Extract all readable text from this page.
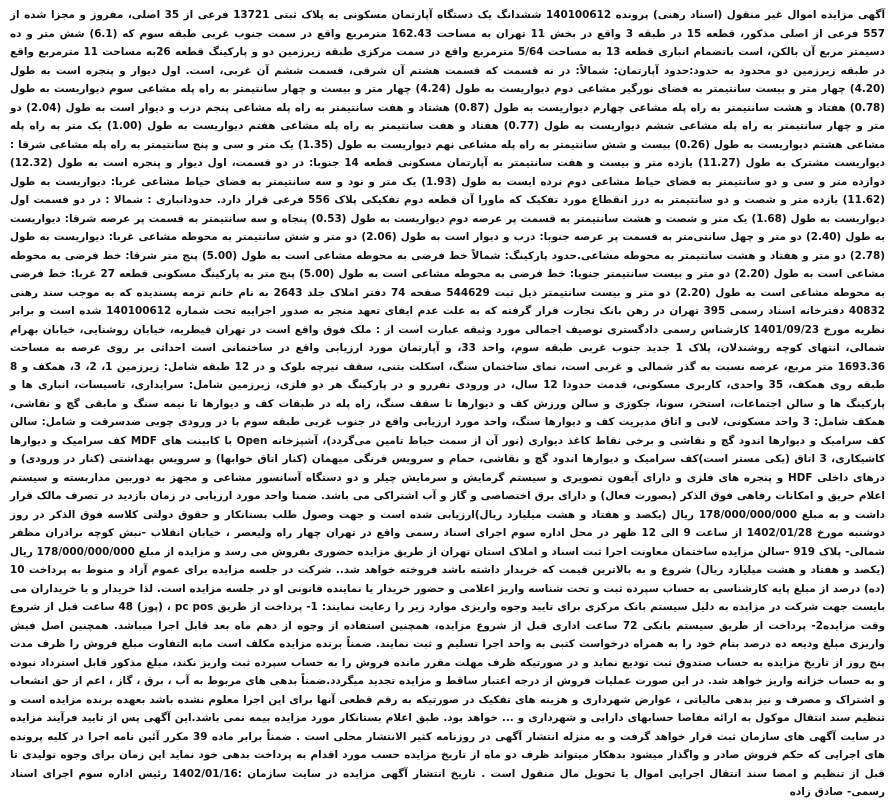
آگهی مزایده اموال غیر منقول (اسناد رهنی) پرونده 140100612 ششدانگ یک دستگاه آپارتمان مسکونی به پلاک ثبتی 13721 فرعی از 35 اصلی، مفروز و مجزا شده از 557 فرعی از اصلی مذکور، قطعه 15 در طبقه 3 واقع در بخش 11 تهران به مساحت 162.43 مترمربع واقع در سمت جنوب غربی طبقه سوم که (6.1) شش متر و ده دسیمتر مربع آن بالکن، است باتضمام انباری قطعه 13 به مساحت 5/64 مترمربع واقع در سمت مرکزی طبقه زیرزمین دو و پارکینگ قطعه 26به مساحت 11 مترمربع واقع در طبقه زیرزمین دو محدود به حدود:حدود آپارتمان: شمالاً: در نه قسمت که قسمت هشتم آن شرقی، قسمت ششم آن غربی، است. اول دیوار و پنجره است به طول (4.20) چهار متر و بیست سانتیمتر به فضای نورگیر مشاعی دوم دیواریست به طول (4.24) چهار متر و بیست و چهار سانتیمتر به راه پله مشاعی سوم دیواریست به طول (0.78) هفتاد و هشت سانتیمتر به راه پله مشاعی چهارم دیواریست به طول (0.87) هشتاد و هفت سانتیمتر به راه پله مشاعی پنجم درب و دیوار است به طول (2.04) دو متر و چهار سانتیمتر به راه پله مشاعی ششم دیواریست به طول (0.77) هفتاد و هفت سانتیمتر به راه پله مشاعی هفتم دیواریست به طول (1.00) یک متر به راه پله مشاعی هشتم دیواریست به طول (0.26) بیست و شش سانتیمتر به راه پله مشاعی نهم دیواریست به طول (1.35) یک متر و سی و پنج سانتیمتر به راه پله مشاعی شرقا : دیواریست مشترک به طول (11.27) یازده متر و بیست و هفت سانتیمتر به آپارتمان مسکونی قطعه 14 جنوبا: در دو قسمت، اول دیوار و پنجره است به طول (12.32) دوازده متر و سی و دو سانتیمتر به فضای حیاط مشاعی دوم نرده ایست به طول (1.93) یک متر و نود و سه سانتیمتر به فضای حیاط مشاعی غربا: دیواریست به طول (11.62) یازده متر و شصت و دو سانتیمتر به درز انقطاع مورد تفکیک که ماورا آن قطعه دوم تفکیکی پلاک 556 فرعی قرار دارد. حدودانباری : شمالا : در دو قسمت اول دیواریست به طول (1.68) یک متر و شصت و هشت سانتیمتر به قسمت پر عرصه دوم دیواریست به طول (0.53) پنجاه و سه سانتیمتر به قسمت پر عرصه شرقا: دیواریست به طول (2.40) دو متر و چهل سانتی‌متر به قسمت پر عرصه جنوبا: درب و دیوار است به طول (2.06) دو متر و شش سانتیمتر به محوطه مشاعی غربا: دیواریست به طول (2.78) دو متر و هفتاد و هشت سانتیمتر به محوطه مشاعی.حدود پارکینگ: شمالاً خط فرضی به محوطه مشاعی است به طول (5.00) پنج متر شرقا: خط فرضی به محوطه مشاعی است به طول (2.20) دو متر و بیست سانتیمتر جنوبا: خط فرضی به محوطه مشاعی است به طول (5.00) پنج متر به پارکینگ مسکونی قطعه 27 غربا: خط فرضی به محوطه مشاعی است به طول (2.20) دو متر و بیست سانتیمتر ذیل ثبت 544629 صفحه 74 دفتر املاک جلد 2643 به نام خانم ترمه پسندیده که به موجب سند رهنی 40832 دفترخانه اسناد رسمی 395 تهران در رهن بانک تجارت قرار گرفته که به علت عدم ایفای تعهد منجر به صدور اجراییه تحت شماره 140100612 شده است و برابر نظریه مورخ 1401/09/23 کارشناس رسمی دادگستری توصیف اجمالی مورد وثیقه عبارت است از : ملک فوق واقع است در تهران قیطریه، خیابان روشنایی، خیابان بهرام شمالی، انتهای کوچه روشندلان، پلاک 1 جدید جنوب غربی طبقه سوم، واحد 33، و آپارتمان مورد ارزیابی واقع در ساختمانی است احداثی بر روی عرصه به مساحت 1693.36 متر مربع، عرصه نسبت به گذر شمالی و غربی است، نمای ساختمان سنگ، اسکلت بتنی، سقف تیرچه بلوک و در 12 طبقه شامل: زیرزمین 1، 2، 3، همکف و 8 طبقه روی همکف، 35 واحدی، کاربری مسکونی، قدمت حدودا 12 سال، در ورودی نفررو و در پارکینگ هر دو فلزی، زیرزمین شامل: سرایداری، تاسیسات، انباری ها و پارکینگ ها و سالن اجتماعات، استخر، سونا، جکوزی و سالن ورزش کف و دیوارها تا سقف سنگ، راه پله در طبقات کف و دیوارها تا نیمه سنگ و مابقی گچ و نقاشی، همکف شامل: 3 واحد مسکونی، لابی و اتاق مدیریت کف و دیوارها سنگ، واحد مورد ارزیابی واقع در جنوب غربی طبقه سوم با در ورودی چوبی ضدسرقت و شامل: سالن کف سرامیک و دیوارها اندود گچ و نقاشی و برخی نقاط کاغذ دیواری (نور آن از سمت حیاط تامین می‌گردد)، آشپزخانه Open با کابینت های MDF کف سرامیک و دیوارها کاشیکاری، 3 اتاق (یکی مستر است)کف سرامیک و دیوارها اندود گچ و نقاشی، حمام و سرویس فرنگی میهمان (کنار اتاق خوابها) و سرویس بهداشتی (کنار در ورودی) و درهای داخلی HDF و پنجره های فلزی و دارای آیفون تصویری و سیستم گرمایش و سرمایش چیلر و دو دستگاه آسانسور مشاعی و مجهز به دوربین مداربسته و سیستم اعلام حریق و امکانات رفاهی فوق الذکر (بصورت فعال) و دارای برق اختصاصی و گاز و آب اشتراکی می باشد. ضمنا واحد مورد ارزیابی در زمان بازدید در تصرف مالک قرار داشت و به مبلغ 178/000/000/000 ریال (یکصد و هفتاد و هشت میلیارد ریال)ارزیابی شده است و جهت وصول طلب بستانکار و حقوق دولتی کلاسه فوق الذکر در روز دوشنبه مورخ 1402/01/28 از ساعت 9 الی 12 ظهر در محل اداره سوم اجرای اسناد رسمی واقع در تهران چهار راه ولیعصر ، خیابان انقلاب -نبش کوچه برادران مظفر شمالی- پلاک 919 -سالن مزایده ساختمان معاونت اجرا ثبت اسناد و املاک استان تهران از طریق مزایده حضوری بفروش می رسد و مزایده از مبلغ 178/000/000/000 ریال (یکصد و هفتاد و هشت میلیارد ریال) شروع و به بالاترین قیمت که خریدار داشته باشد فروخته خواهد شد.. شرکت در جلسه مزایده برای عموم آزاد و منوط به پرداخت 10 (ده) درصد از مبلغ پایه کارشناسی به حساب سپرده ثبت و تحت شناسه واریز اعلامی و حضور خریدار یا نماینده قانونی او در جلسه مزایده است. لذا خریدار و یا خریداران می بایست جهت شرکت در مزایده به دلیل سیستم بانک مرکزی برای تایید وجوه واریزی موارد زیر را رعایت نمایند: 1- پرداخت از طریق pc pos ، (پوز) 48 ساعت قبل از شروع وقت مزایده2- پرداخت از طریق سیستم بانکی 72 ساعت اداری قبل از شروع مزایده، همچنین استفاده از وجوه از دهم ماه بعد قابل اجرا میباشد. همچنین اصل فیش واریزی مبلغ ودیعه ده درصد بنام خود را به همراه درخواست کتبی به واحد اجرا تسلیم و ثبت نمایند. ضمناً برنده مزایده مکلف است مابه التفاوت مبلغ فروش را ظرف مدت پنج روز از تاریخ مزایده به حساب صندوق ثبت تودیع نماید و در صورتیکه ظرف مهلت مقرر مانده فروش را به حساب سپرده ثبت واریز نکند، مبلغ مذکور قابل استرداد نبوده و به حساب خزانه واریز خواهد شد. در این صورت عملیات فروش از درجه اعتبار ساقط و مزایده تجدید میگردد.ضمناً بدهی های مربوط به آب ، برق ، گاز ، اعم از حق انشعاب و اشتراک و مصرف و نیز بدهی مالیاتی ، عوارض شهرداری و هزینه های تفکیک در صورتیکه به رقم قطعی آنها برای این اجرا معلوم نشده باشد بعهده برنده مزایده است و تنظیم سند انتقال موکول به ارائه مفاصا حسابهای دارایی و شهرداری و ... خواهد بود. طبق اعلام بستانکار مورد مزایده بیمه نمی باشد.این آگهی پس از تایید فرآیند مزایده در سایت آگهی های سازمان ثبت قرار خواهد گرفت و به منزله انتشار آگهی در روزنامه کثیر الانتشار محلی است . ضمناً برابر ماده 39 مکرر آئین نامه اجرا در کلیه پرونده های اجرایی که حکم فروش صادر و واگذار میشود بدهکار میتواند ظرف دو ماه از تاریخ مزایده حسب مورد اقدام به پرداخت بدهی خود نماید این زمان برای وجوه تولیدی تا قبل از تنظیم و امضا سند انتقال اجرایی اموال یا تحویل مال منقول است . تاریخ انتشار آگهی مزایده در سایت سازمان :1402/01/16 رئیس اداره سوم اجرای اسناد رسمی- صادق زاده
